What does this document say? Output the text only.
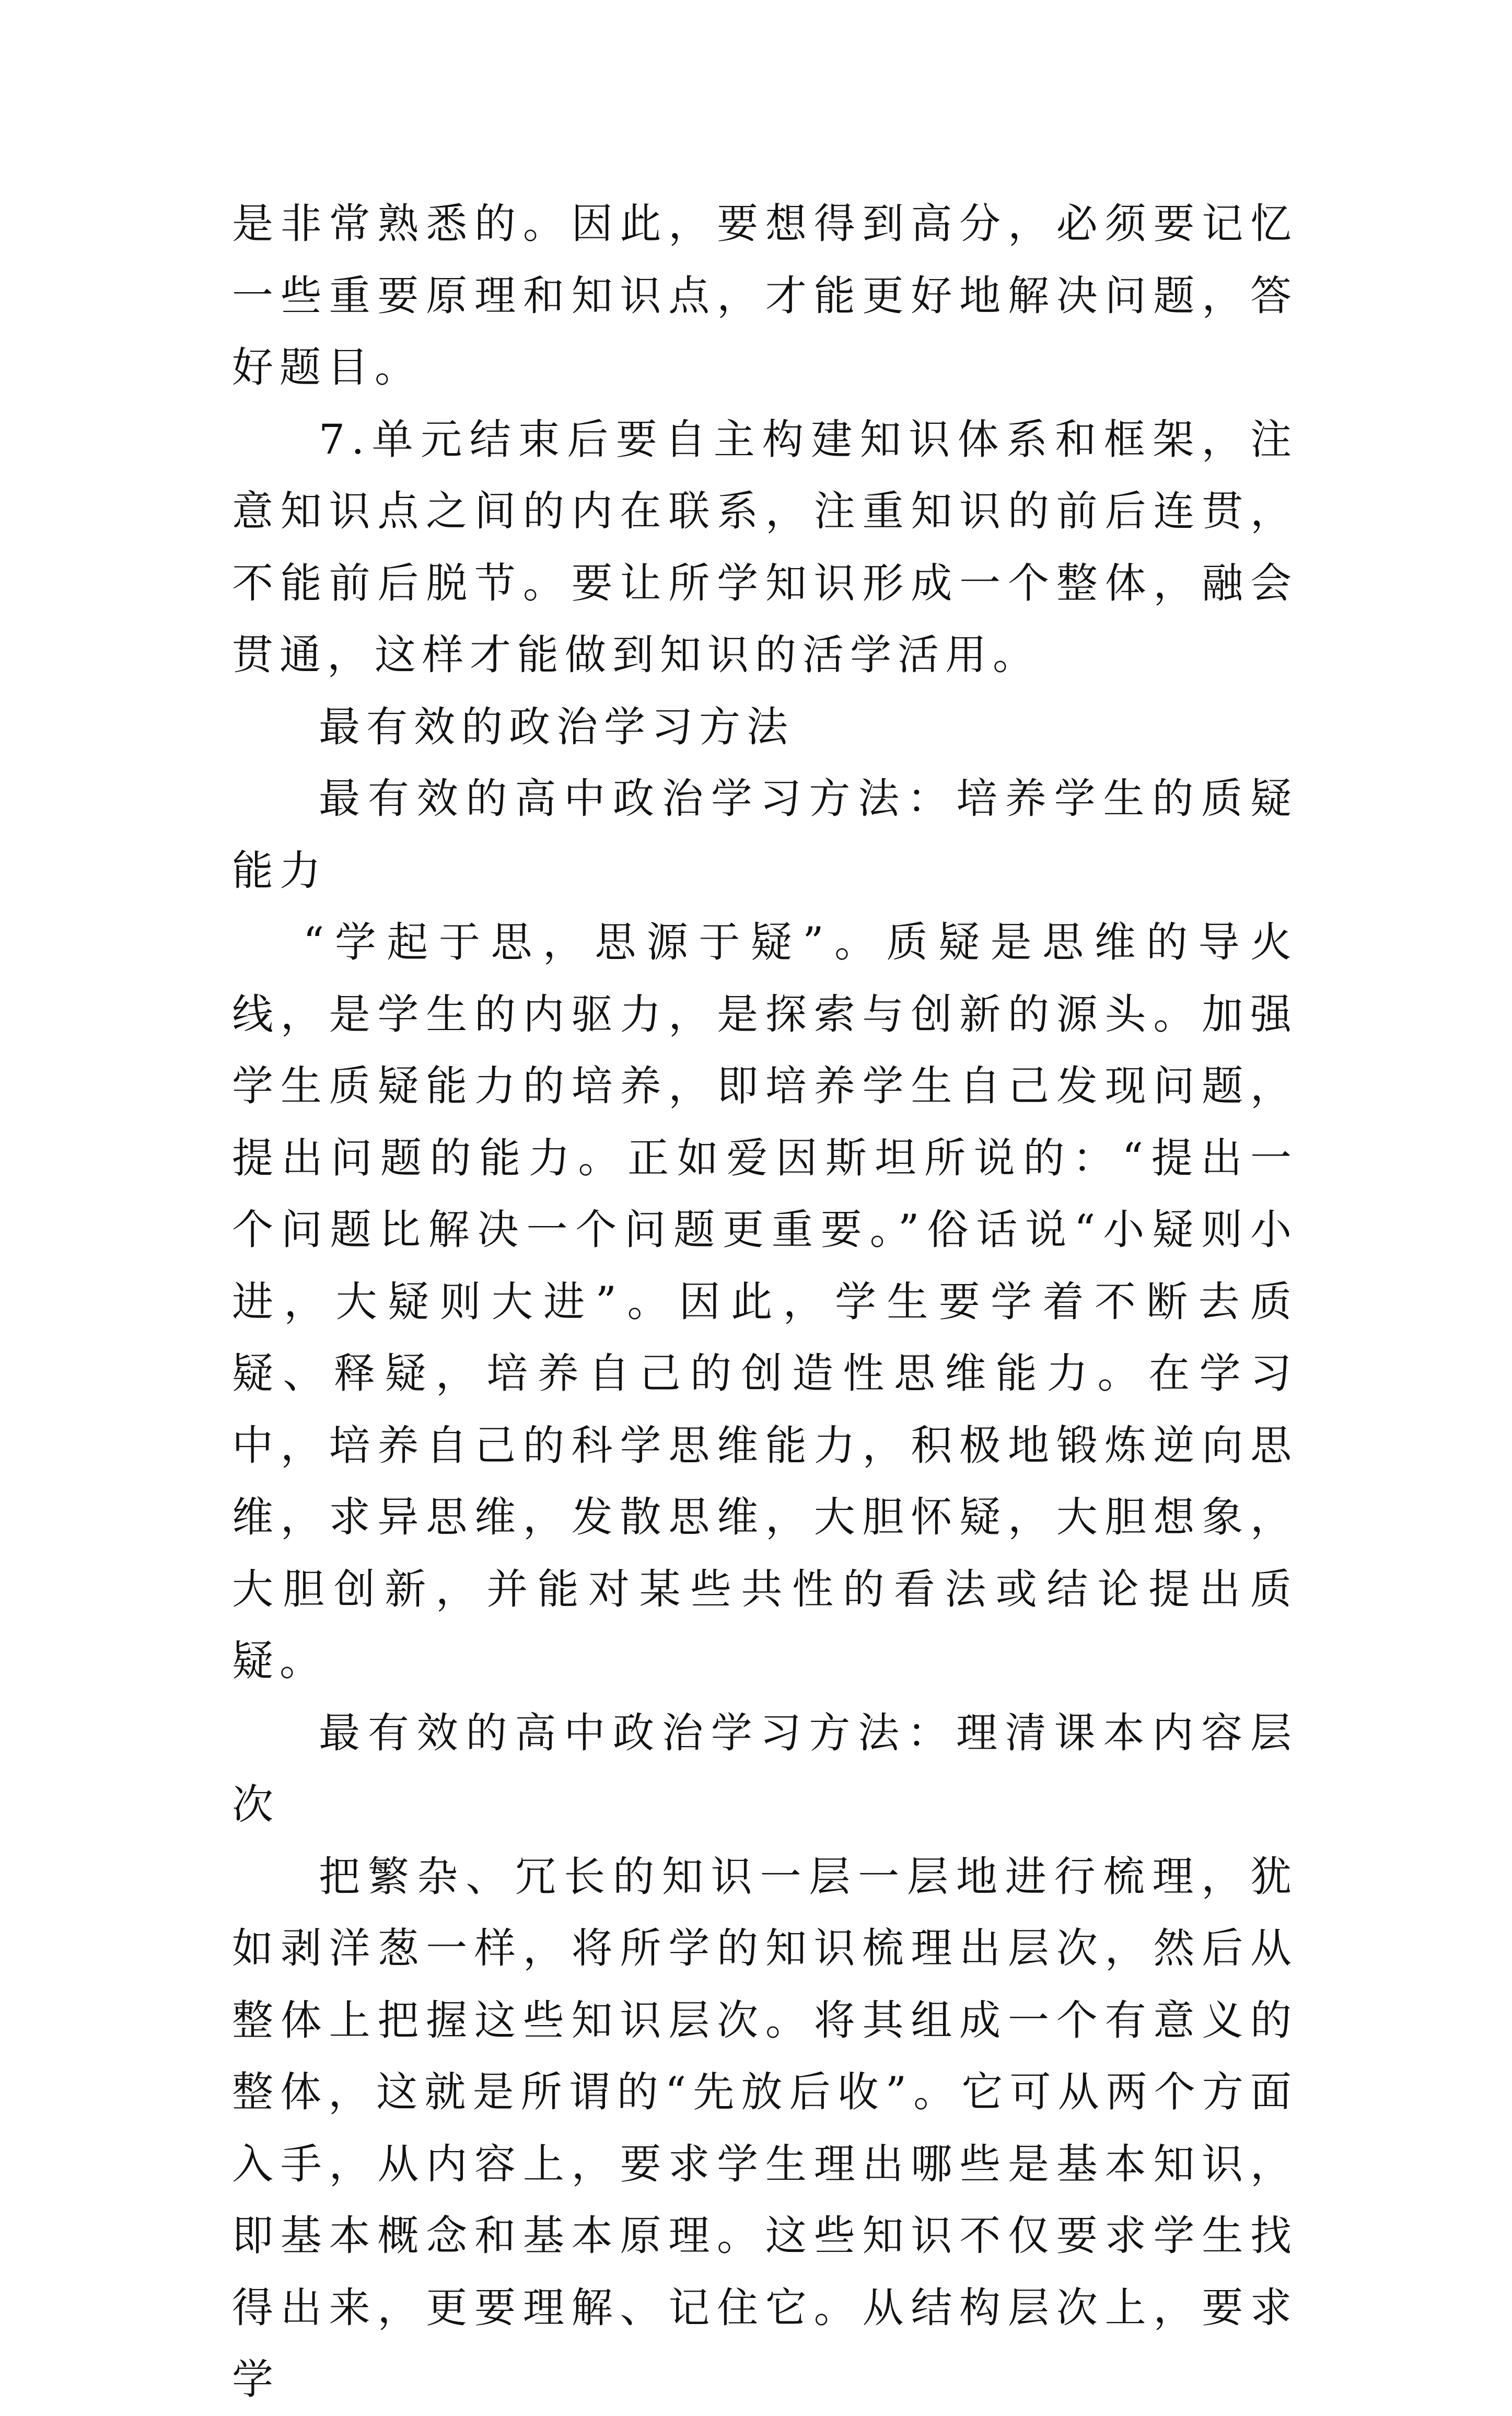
是非常熟悉的。因此，要想得到高分，必须要记忆一些重要原理和知识点，才能更好地解决问题，答好题目。

7.单元结束后要自主构建知识体系和框架，注意知识点之间的内在联系，注重知识的前后连贯，不能前后脱节。要让所学知识形成一个整体，融会贯通，这样才能做到知识的活学活用。

最有效的政治学习方法

最有效的高中政治学习方法：培养学生的质疑能力

“学起于思，思源于疑”。质疑是思维的导火线，是学生的内驱力，是探索与创新的源头。加强学生质疑能力的培养，即培养学生自己发现问题，提出问题的能力。正如爱因斯坦所说的：“提出一个问题比解决一个问题更重要。”俗话说“小疑则小进，大疑则大进”。因此，学生要学着不断去质疑、释疑，培养自己的创造性思维能力。在学习中，培养自己的科学思维能力，积极地锻炼逆向思维，求异思维，发散思维，大胆怀疑，大胆想象，大胆创新，并能对某些共性的看法或结论提出质疑。

最有效的高中政治学习方法：理清课本内容层次

把繁杂、冗长的知识一层一层地进行梳理，犹如剥洋葱一样，将所学的知识梳理出层次，然后从整体上把握这些知识层次。将其组成一个有意义的整体，这就是所谓的“先放后收”。它可从两个方面入手，从内容上，要求学生理出哪些是基本知识，即基本概念和基本原理。这些知识不仅要求学生找得出来，更要理解、记住它。从结构层次上，要求学
